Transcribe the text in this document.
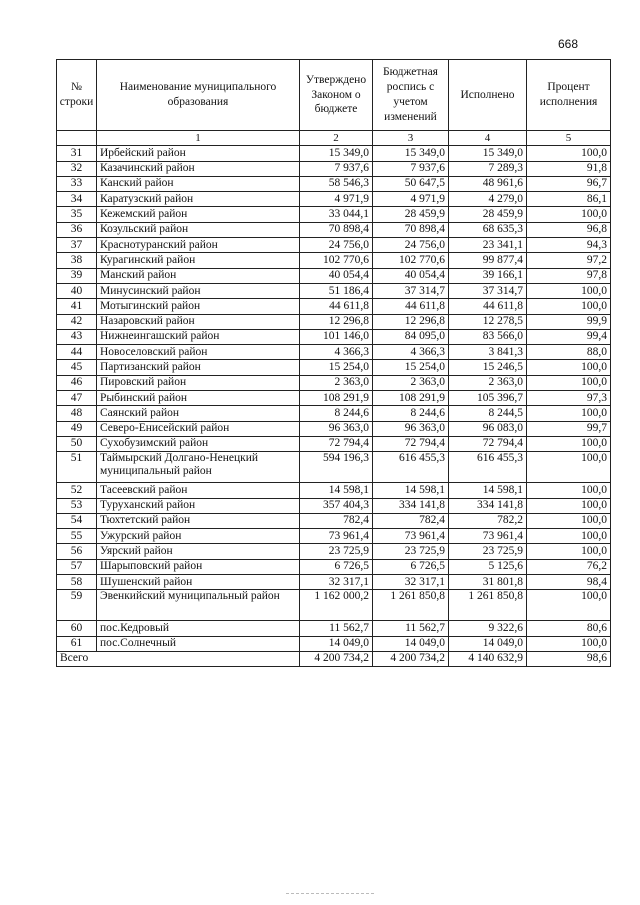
668
№ строки	Наименование муниципального образования	Утверждено Законом о бюджете	Бюджетная роспись с учетом изменений	Исполнено	Процент исполнения
	1	2	3	4	5
31	Ирбейский район	15 349,0	15 349,0	15 349,0	100,0
32	Казачинский район	7 937,6	7 937,6	7 289,3	91,8
33	Канский район	58 546,3	50 647,5	48 961,6	96,7
34	Каратузский район	4 971,9	4 971,9	4 279,0	86,1
35	Кежемский район	33 044,1	28 459,9	28 459,9	100,0
36	Козульский район	70 898,4	70 898,4	68 635,3	96,8
37	Краснотуранский район	24 756,0	24 756,0	23 341,1	94,3
38	Курагинский район	102 770,6	102 770,6	99 877,4	97,2
39	Манский район	40 054,4	40 054,4	39 166,1	97,8
40	Минусинский район	51 186,4	37 314,7	37 314,7	100,0
41	Мотыгинский район	44 611,8	44 611,8	44 611,8	100,0
42	Назаровский район	12 296,8	12 296,8	12 278,5	99,9
43	Нижнеингашский район	101 146,0	84 095,0	83 566,0	99,4
44	Новоселовский район	4 366,3	4 366,3	3 841,3	88,0
45	Партизанский район	15 254,0	15 254,0	15 246,5	100,0
46	Пировский район	2 363,0	2 363,0	2 363,0	100,0
47	Рыбинский район	108 291,9	108 291,9	105 396,7	97,3
48	Саянский район	8 244,6	8 244,6	8 244,5	100,0
49	Северо-Енисейский район	96 363,0	96 363,0	96 083,0	99,7
50	Сухобузимский район	72 794,4	72 794,4	72 794,4	100,0
51	Таймырский Долгано-Ненецкий муниципальный район	594 196,3	616 455,3	616 455,3	100,0
52	Тасеевский район	14 598,1	14 598,1	14 598,1	100,0
53	Туруханский район	357 404,3	334 141,8	334 141,8	100,0
54	Тюхтетский район	782,4	782,4	782,2	100,0
55	Ужурский район	73 961,4	73 961,4	73 961,4	100,0
56	Уярский район	23 725,9	23 725,9	23 725,9	100,0
57	Шарыповский район	6 726,5	6 726,5	5 125,6	76,2
58	Шушенский район	32 317,1	32 317,1	31 801,8	98,4
59	Эвенкийский муниципальный район	1 162 000,2	1 261 850,8	1 261 850,8	100,0
60	пос.Кедровый	11 562,7	11 562,7	9 322,6	80,6
61	пос.Солнечный	14 049,0	14 049,0	14 049,0	100,0
Всего		4 200 734,2	4 200 734,2	4 140 632,9	98,6
